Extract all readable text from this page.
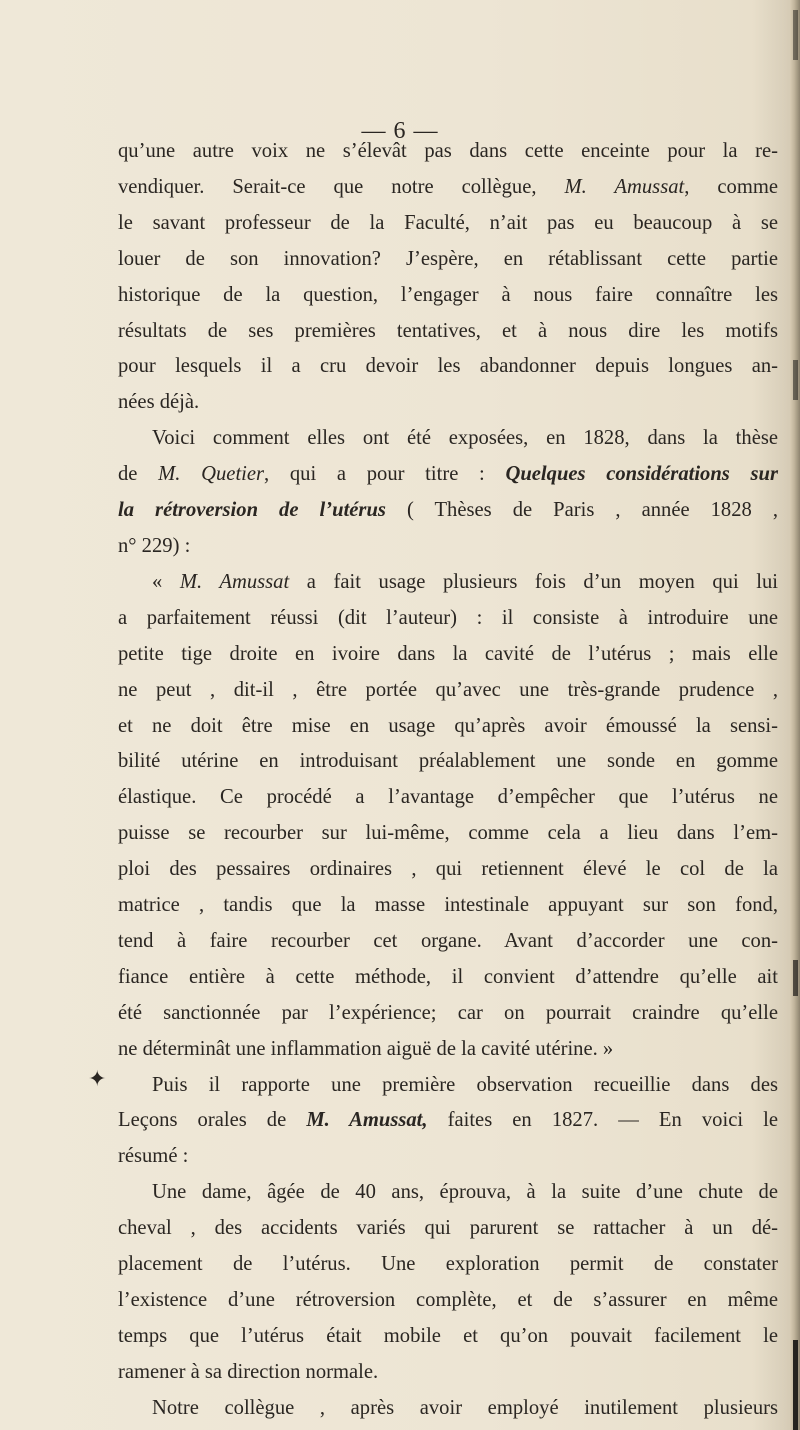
— 6 —
qu’une autre voix ne s’élevât pas dans cette enceinte pour la re-
vendiquer. Serait-ce que notre collègue, M. Amussat, comme
le savant professeur de la Faculté, n’ait pas eu beaucoup à se
louer de son innovation? J’espère, en rétablissant cette partie
historique de la question, l’engager à nous faire connaître les
résultats de ses premières tentatives, et à nous dire les motifs
pour lesquels il a cru devoir les abandonner depuis longues an-
nées déjà.
Voici comment elles ont été exposées, en 1828, dans la thèse
de M. Quetier, qui a pour titre : Quelques considérations sur
la rétroversion de l’utérus ( Thèses de Paris , année 1828 ,
n° 229) :
« M. Amussat a fait usage plusieurs fois d’un moyen qui lui
a parfaitement réussi (dit l’auteur) : il consiste à introduire une
petite tige droite en ivoire dans la cavité de l’utérus ; mais elle
ne peut , dit-il , être portée qu’avec une très-grande prudence ,
et ne doit être mise en usage qu’après avoir émoussé la sensi-
bilité utérine en introduisant préalablement une sonde en gomme
élastique. Ce procédé a l’avantage d’empêcher que l’utérus ne
puisse se recourber sur lui-même, comme cela a lieu dans l’em-
ploi des pessaires ordinaires , qui retiennent élevé le col de la
matrice , tandis que la masse intestinale appuyant sur son fond,
tend à faire recourber cet organe. Avant d’accorder une con-
fiance entière à cette méthode, il convient d’attendre qu’elle ait
été sanctionnée par l’expérience; car on pourrait craindre qu’elle
ne déterminât une inflammation aiguë de la cavité utérine. »
Puis il rapporte une première observation recueillie dans des
Leçons orales de M. Amussat, faites en 1827. — En voici le
résumé :
Une dame, âgée de 40 ans, éprouva, à la suite d’une chute de
cheval , des accidents variés qui parurent se rattacher à un dé-
placement de l’utérus. Une exploration permit de constater
l’existence d’une rétroversion complète, et de s’assurer en même
temps que l’utérus était mobile et qu’on pouvait facilement le
ramener à sa direction normale.
Notre collègue , après avoir employé inutilement plusieurs
✦
